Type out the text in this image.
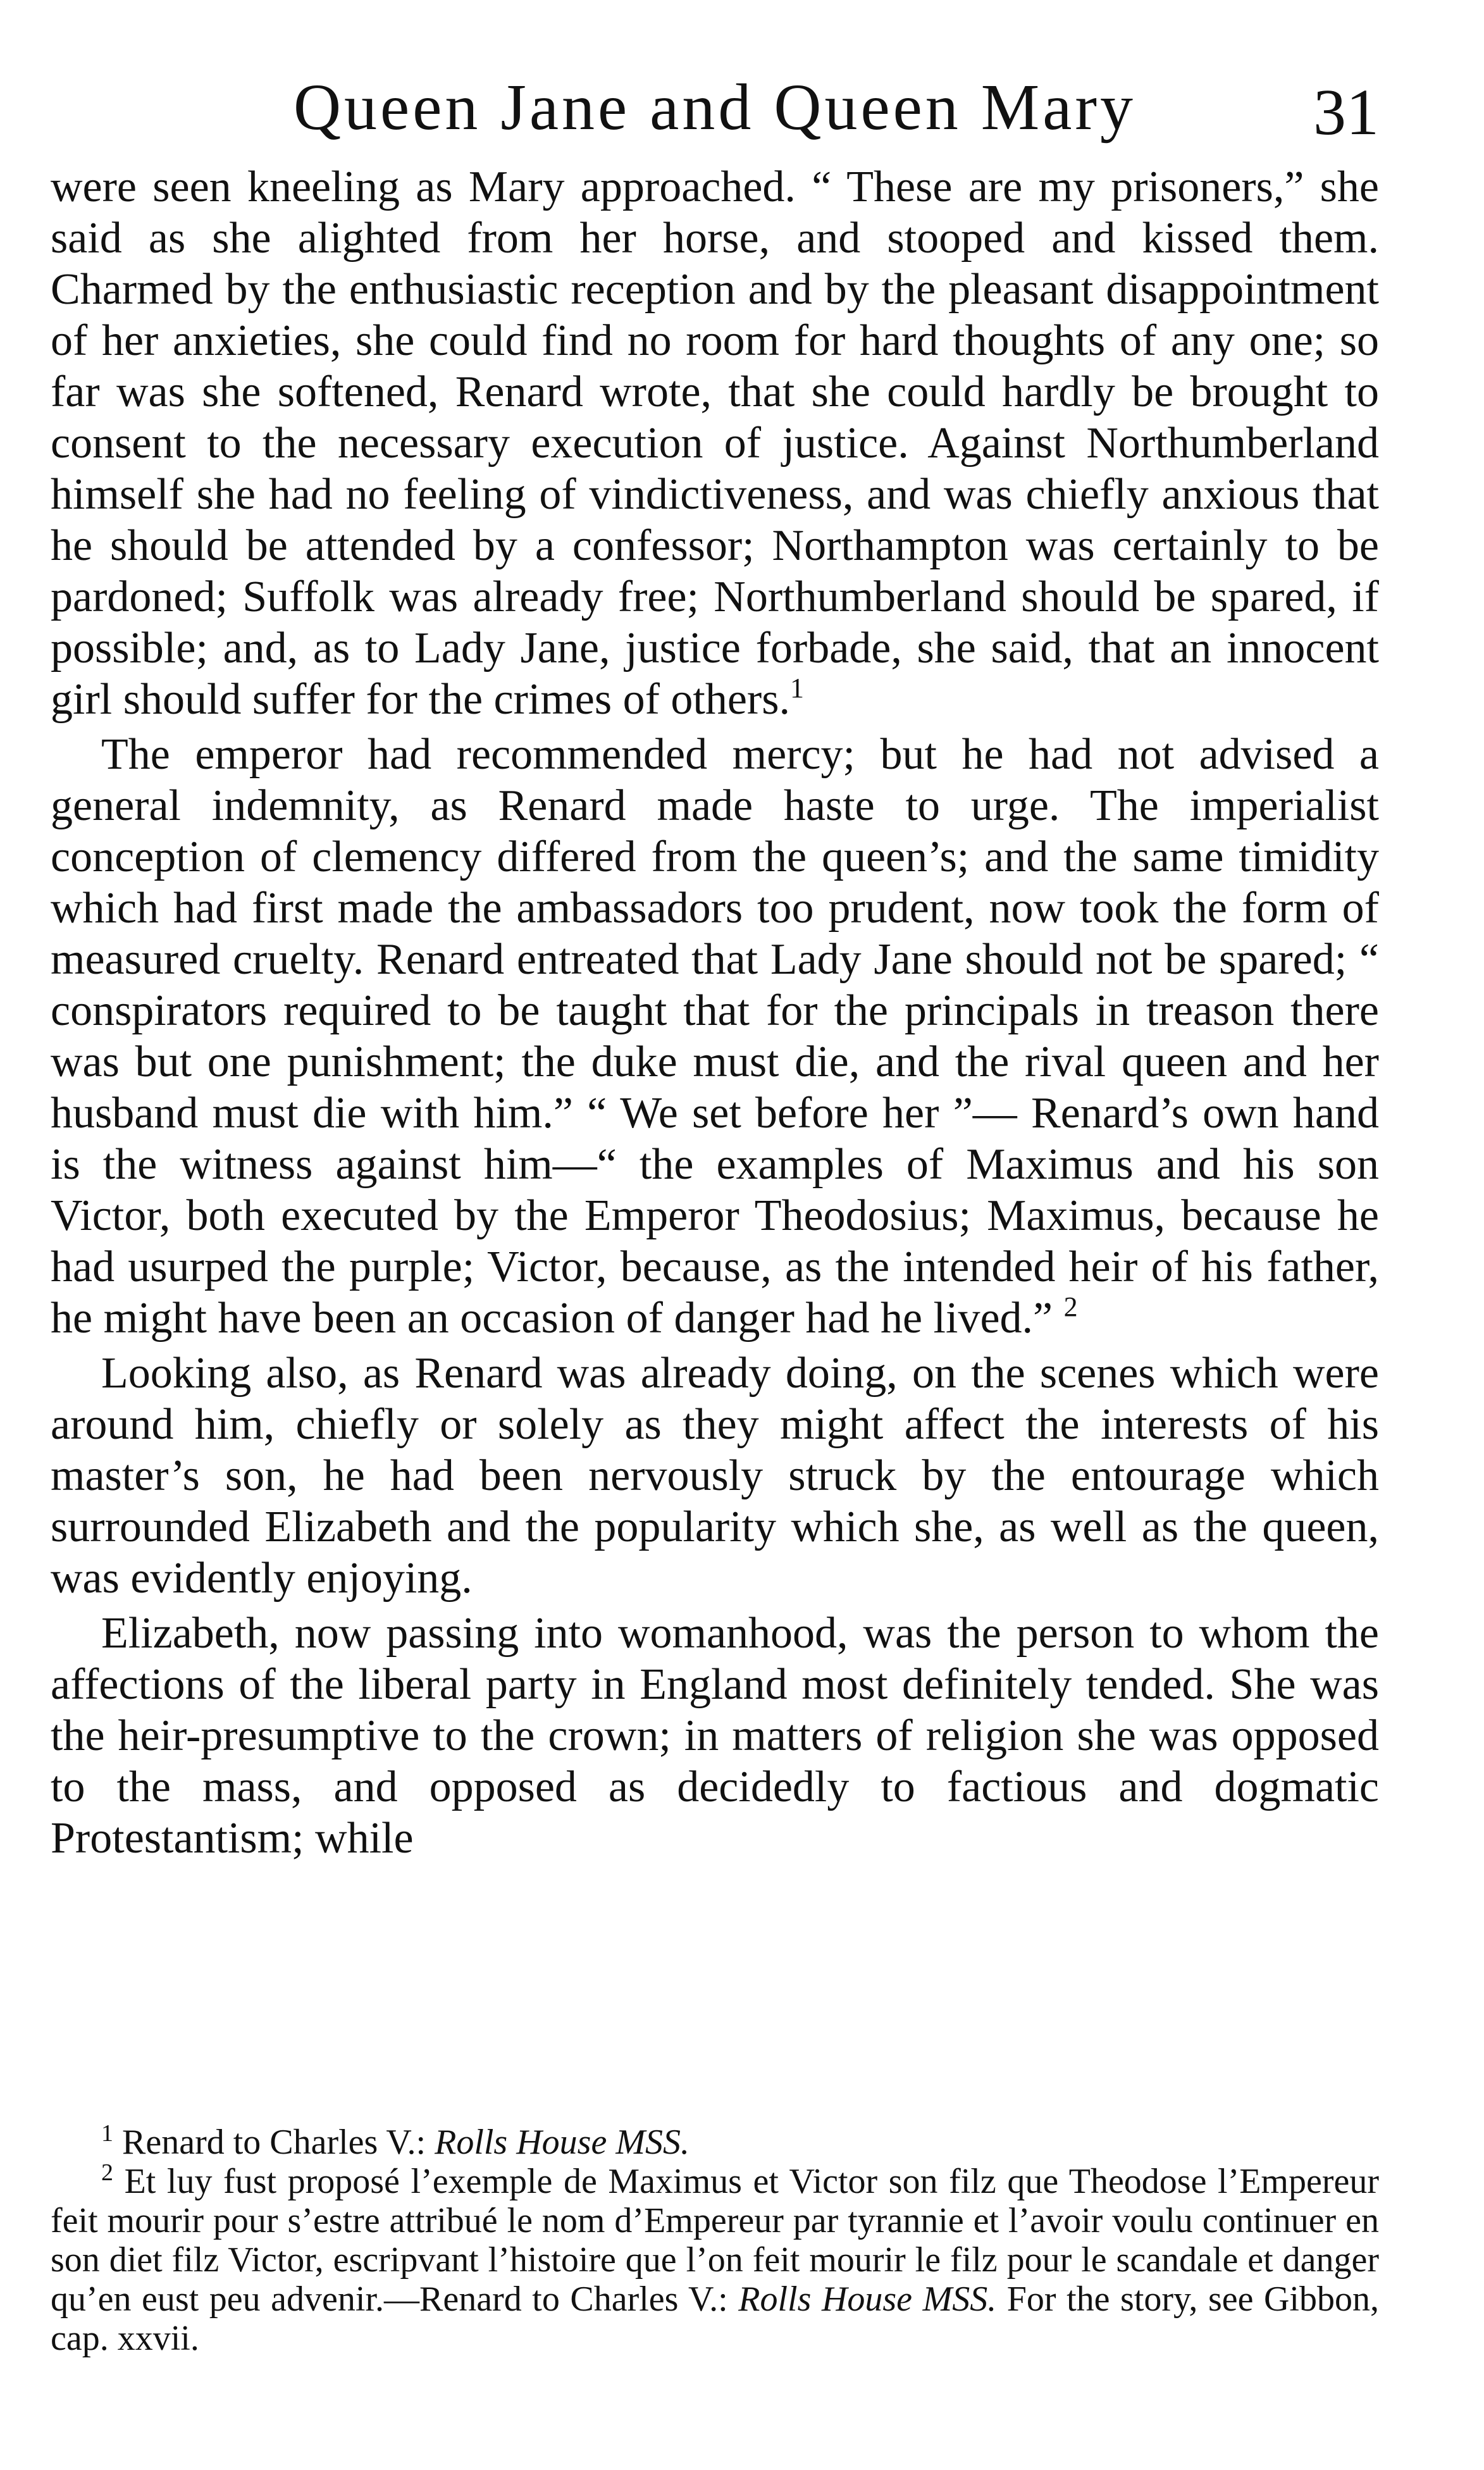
Queen Jane and Queen Mary	31

were seen kneeling as Mary approached. “ These are my prisoners,” she said as she alighted from her horse, and stooped and kissed them. Charmed by the enthusiastic reception and by the pleasant disappointment of her anxieties, she could find no room for hard thoughts of any one; so far was she softened, Renard wrote, that she could hardly be brought to consent to the necessary execution of justice. Against Northumberland himself she had no feeling of vindictiveness, and was chiefly anxious that he should be attended by a confessor; Northampton was certainly to be pardoned; Suffolk was already free; Northumberland should be spared, if possible; and, as to Lady Jane, justice forbade, she said, that an innocent girl should suffer for the crimes of others.$^1$

The emperor had recommended mercy; but he had not advised a general indemnity, as Renard made haste to urge. The imperialist conception of clemency differed from the queen’s; and the same timidity which had first made the ambassadors too prudent, now took the form of measured cruelty. Renard entreated that Lady Jane should not be spared; “ conspirators required to be taught that for the principals in treason there was but one punishment; the duke must die, and the rival queen and her husband must die with him.” “ We set before her ”— Renard’s own hand is the witness against him—“ the examples of Maximus and his son Victor, both executed by the Emperor Theodosius; Maximus, because he had usurped the purple; Victor, because, as the intended heir of his father, he might have been an occasion of danger had he lived.” $^2$

Looking also, as Renard was already doing, on the scenes which were around him, chiefly or solely as they might affect the interests of his master’s son, he had been nervously struck by the entourage which surrounded Elizabeth and the popularity which she, as well as the queen, was evidently enjoying.

Elizabeth, now passing into womanhood, was the person to whom the affections of the liberal party in England most definitely tended. She was the heir-presumptive to the crown; in matters of religion she was opposed to the mass, and opposed as decidedly to factious and dogmatic Protestantism; while

$^1$ Renard to Charles V.: Rolls House MSS.

$^2$ Et luy fust proposé l’exemple de Maximus et Victor son filz que Theodose l’Empereur feit mourir pour s’estre attribué le nom d’Empereur par tyrannie et l’avoir voulu continuer en son diet filz Victor, escripvant l’histoire que l’on feit mourir le filz pour le scandale et danger qu’en eust peu advenir.—Renard to Charles V.: Rolls House MSS. For the story, see Gibbon, cap. xxvii.
